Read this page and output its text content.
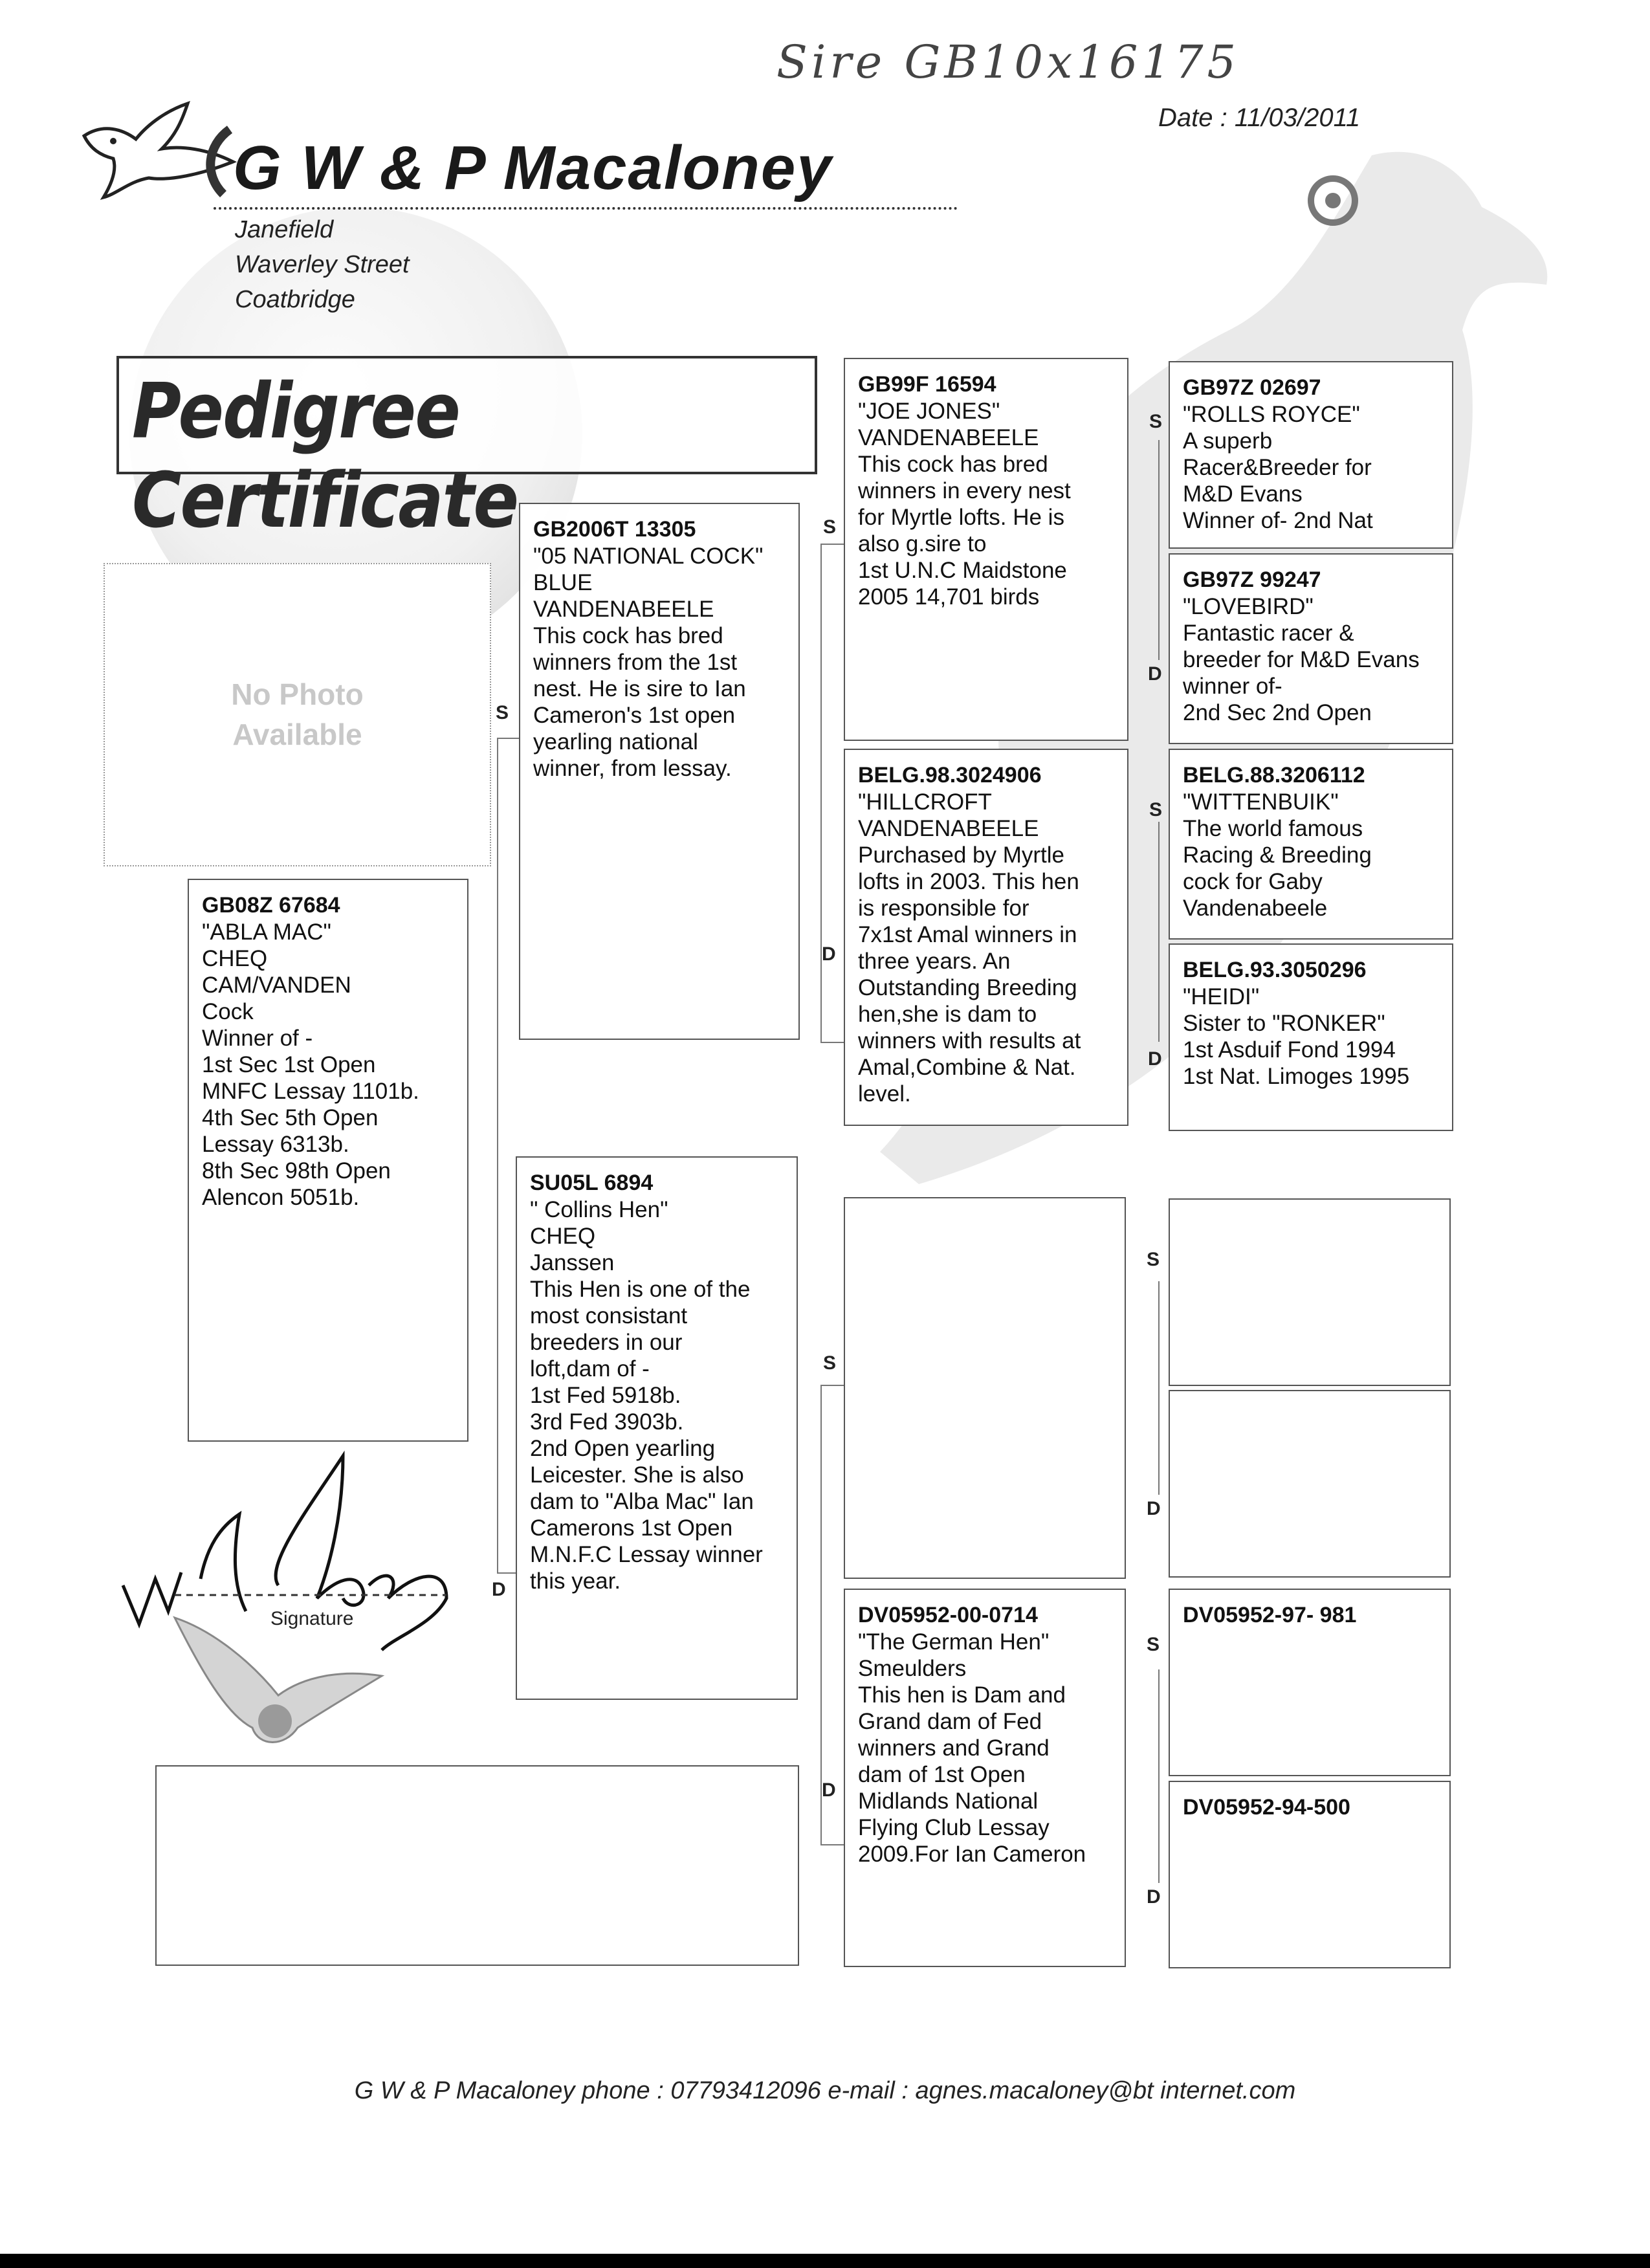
Sire GB10x16175
Date : 11/03/2011
G W & P Macaloney
Janefield
Waverley Street
Coatbridge
Pedigree Certificate
No Photo
Available
S
D
S
D
S
D
S
D
S
D
S
D
S
D
GB08Z 67684
"ABLA MAC"
CHEQ
CAM/VANDEN
Cock
Winner of -
1st Sec 1st Open
MNFC Lessay 1101b.
4th Sec 5th Open
Lessay 6313b.
8th Sec 98th Open
Alencon 5051b.
GB2006T 13305
"05 NATIONAL COCK"
BLUE
VANDENABEELE
This cock has bred
winners from the 1st
nest. He is sire to Ian
Cameron's 1st open
yearling national
winner, from lessay.
SU05L 6894
" Collins Hen"
CHEQ
Janssen
This Hen is one of the
most consistant
breeders in our
loft,dam of -
1st Fed 5918b.
3rd Fed 3903b.
2nd Open yearling
Leicester. She is also
dam to "Alba Mac" Ian
Camerons 1st Open
M.N.F.C Lessay winner
this year.
GB99F 16594
"JOE JONES"
VANDENABEELE
This cock has bred
winners in every nest
for Myrtle lofts. He is
also g.sire to
1st U.N.C Maidstone
2005 14,701 birds
BELG.98.3024906
"HILLCROFT
VANDENABEELE
Purchased by Myrtle
lofts in 2003. This hen
is responsible for
7x1st Amal winners in
three years. An
Outstanding Breeding
hen,she is dam to
winners with results at
Amal,Combine & Nat.
level.
DV05952-00-0714
"The German Hen"
Smeulders
This hen is Dam and
Grand dam of Fed
winners and Grand
dam of 1st Open
Midlands National
Flying Club Lessay
2009.For Ian Cameron
GB97Z 02697
"ROLLS ROYCE"
A superb
Racer&Breeder for
M&D Evans
Winner of- 2nd Nat
GB97Z 99247
"LOVEBIRD"
Fantastic racer &
breeder for M&D Evans
winner of-
2nd Sec 2nd Open
BELG.88.3206112
"WITTENBUIK"
The world famous
Racing & Breeding
cock for Gaby
Vandenabeele
BELG.93.3050296
"HEIDI"
Sister to "RONKER"
1st Asduif Fond 1994
1st Nat. Limoges 1995
DV05952-97- 981
DV05952-94-500
Signature
G W & P Macaloney phone : 07793412096 e-mail : agnes.macaloney@bt internet.com
